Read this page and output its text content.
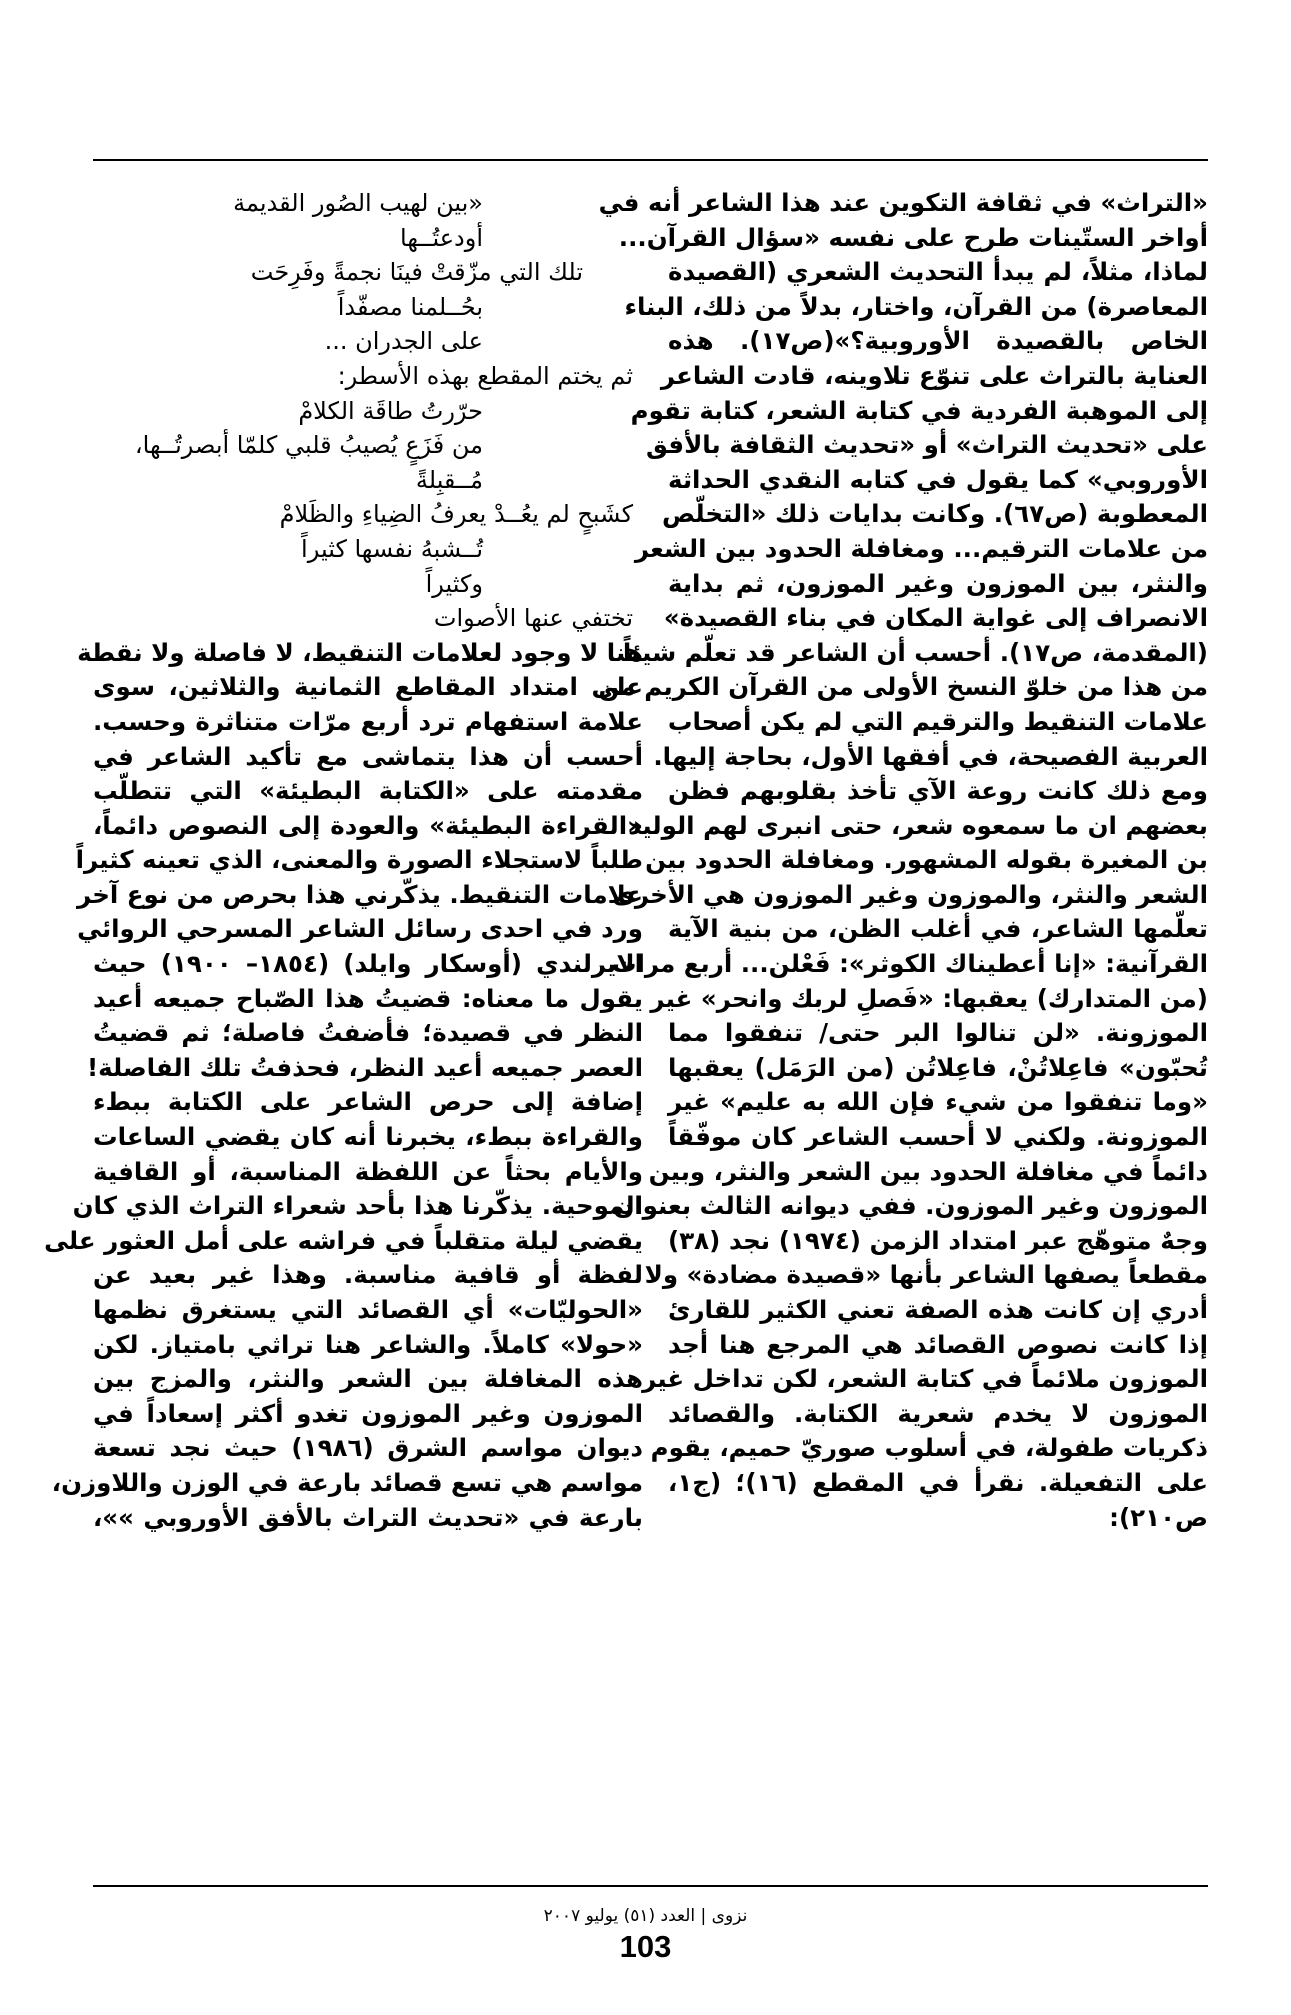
«التراث» في ثقافة التكوين عند هذا الشاعر أنه في
أواخر الستّينات طرح على نفسه «سؤال القرآن...
لماذا، مثلاً، لم يبدأ التحديث الشعري (القصيدة
المعاصرة) من القرآن، واختار، بدلاً من ذلك، البناء
الخاص بالقصيدة الأوروبية؟»(ص١٧). هذه
العناية بالتراث على تنوّع تلاوينه، قادت الشاعر
إلى الموهبة الفردية في كتابة الشعر، كتابة تقوم
على «تحديث التراث» أو «تحديث الثقافة بالأفق
الأوروبي» كما يقول في كتابه النقدي الحداثة
المعطوبة (ص٦٧). وكانت بدايات ذلك «التخلّص
من علامات الترقيم... ومغافلة الحدود بين الشعر
والنثر، بين الموزون وغير الموزون، ثم بداية
الانصراف إلى غواية المكان في بناء القصيدة»
(المقدمة، ص١٧). أحسب أن الشاعر قد تعلّم شيئاً
من هذا من خلوّ النسخ الأولى من القرآن الكريم من
علامات التنقيط والترقيم التي لم يكن أصحاب
العربية الفصيحة، في أفقها الأول، بحاجة إليها.
ومع ذلك كانت روعة الآي تأخذ بقلوبهم فظن
بعضهم ان ما سمعوه شعر، حتى انبرى لهم الوليد
بن المغيرة بقوله المشهور. ومغافلة الحدود بين
الشعر والنثر، والموزون وغير الموزون هي الأخرى
تعلّمها الشاعر، في أغلب الظن، من بنية الآية
القرآنية: «إنا أعطيناك الكوثر»: فَعْلن... أربع مرات
(من المتدارك) يعقبها: «فَصلِ لربك وانحر» غير
الموزونة. «لن تنالوا البر حتى/ تنفقوا مما
تُحبّون» فاعِلاتُنْ، فاعِلاتُن (من الرَمَل) يعقبها
«وما تنفقوا من شيء فإن الله به عليم» غير
الموزونة. ولكني لا أحسب الشاعر كان موفّقاً
دائماً في مغافلة الحدود بين الشعر والنثر، وبين
الموزون وغير الموزون. ففي ديوانه الثالث بعنوان
وجهٌ متوهّج عبر امتداد الزمن (١٩٧٤) نجد (٣٨)
مقطعاً يصفها الشاعر بأنها «قصيدة مضادة» ولا
أدري إن كانت هذه الصفة تعني الكثير للقارئ
إذا كانت نصوص القصائد هي المرجع هنا أجد
الموزون ملائماً في كتابة الشعر، لكن تداخل غير
الموزون لا يخدم شعرية الكتابة. والقصائد
ذكريات طفولة، في أسلوب صوريّ حميم، يقوم
على التفعيلة. نقرأ في المقطع (١٦)؛ (ج١،
ص٢١٠):
«بين لهيب الصُور القديمة
أودعتُــها
تلك التي مزّقتْ فينَا نجمةً وفَرِحَت
بحُــلمنا مصفّداً
على الجدران ...
ثم يختم المقطع بهذه الأسطر:
حرّرتُ طاقَة الكلامْ
من فَزَعٍ يُصيبُ قلبي كلمّا أبصرتُــها،
مُــقبِلةً
كشَبحٍ لم يعُــدْ يعرفُ الضِياءِ والظَلامْ
تُــشبهُ نفسها كثيراً
وكثيراً
تختفي عنها الأصوات
هنا لا وجود لعلامات التنقيط، لا فاصلة ولا نقطة
على امتداد المقاطع الثمانية والثلاثين، سوى
علامة استفهام ترد أربع مرّات متناثرة وحسب.
أحسب أن هذا يتماشى مع تأكيد الشاعر في
مقدمته على «الكتابة البطيئة» التي تتطلّب
«القراءة البطيئة» والعودة إلى النصوص دائماً،
طلباً لاستجلاء الصورة والمعنى، الذي تعينه كثيراً
علامات التنقيط. يذكّرني هذا بحرص من نوع آخر
ورد في احدى رسائل الشاعر المسرحي الروائي
الايرلندي (أوسكار وايلد) (١٨٥٤– ١٩٠٠) حيث
يقول ما معناه: قضيتُ هذا الصّباح جميعه أعيد
النظر في قصيدة؛ فأضفتُ فاصلة؛ ثم قضيتُ
العصر جميعه أعيد النظر، فحذفتُ تلك الفاصلة!
إضافة إلى حرص الشاعر على الكتابة ببطء
والقراءة ببطء، يخبرنا أنه كان يقضي الساعات
والأيام بحثاً عن اللفظة المناسبة، أو القافية
الموحية. يذكّرنا هذا بأحد شعراء التراث الذي كان
يقضي ليلة متقلباً في فراشه على أمل العثور على
لفظة أو قافية مناسبة. وهذا غير بعيد عن
«الحوليّات» أي القصائد التي يستغرق نظمها
«حولا» كاملاً. والشاعر هنا تراثي بامتياز. لكن
هذه المغافلة بين الشعر والنثر، والمزج بين
الموزون وغير الموزون تغدو أكثر إسعاداً في
ديوان مواسم الشرق (١٩٨٦) حيث نجد تسعة
مواسم هي تسع قصائد بارعة في الوزن واللاوزن،
بارعة في «تحديث التراث بالأفق الأوروبي »»،
نزوى | العدد (٥١) يوليو ٢٠٠٧
103
